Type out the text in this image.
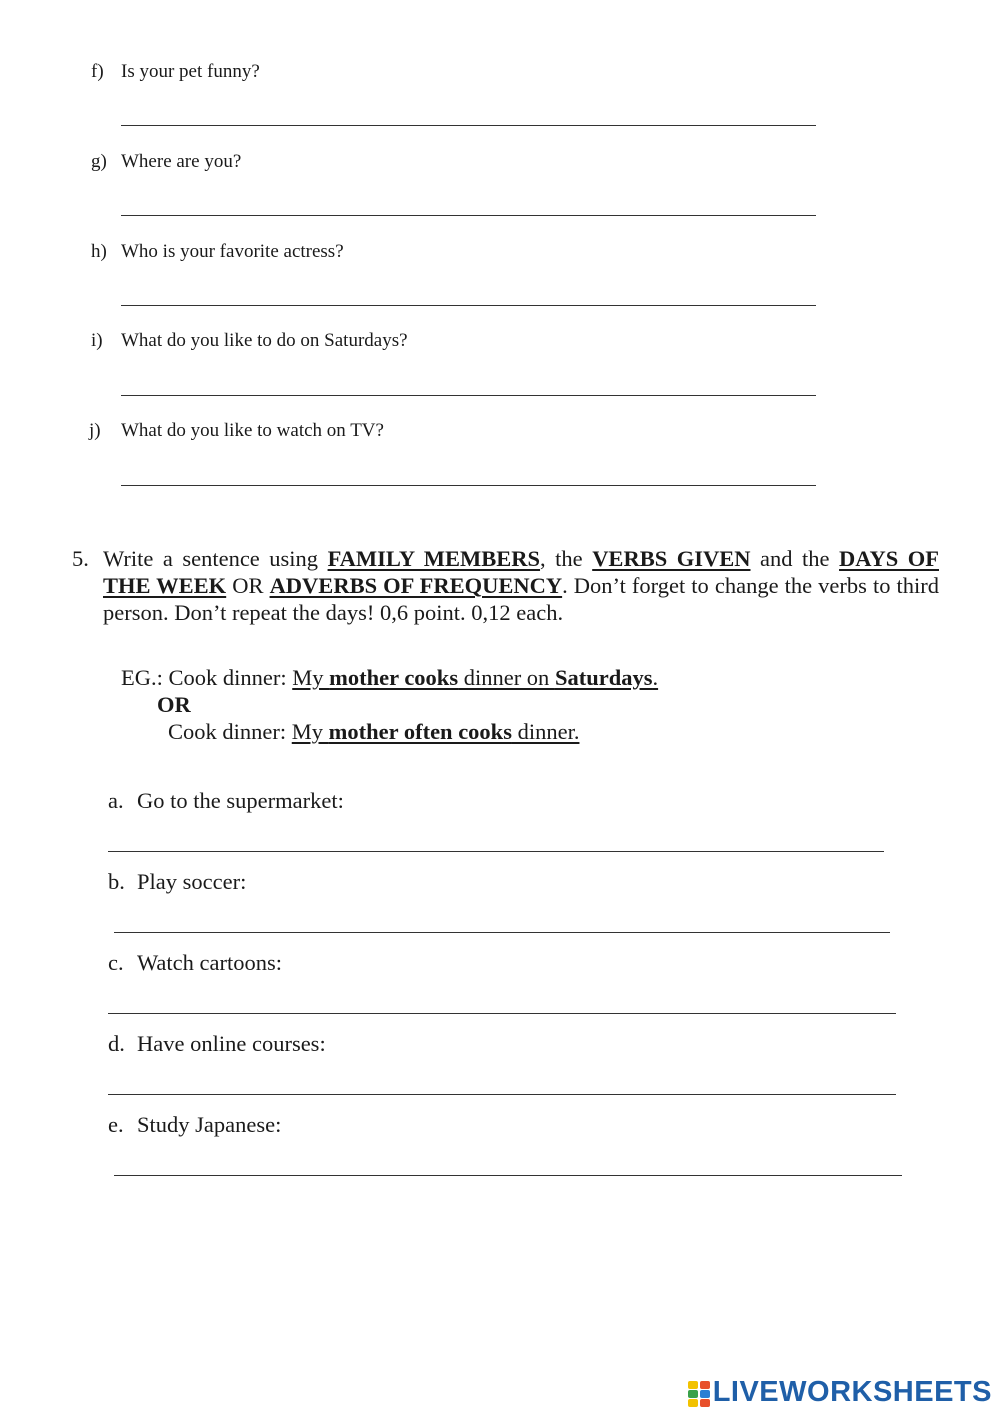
f) Is your pet funny?
g) Where are you?
h) Who is your favorite actress?
i) What do you like to do on Saturdays?
j) What do you like to watch on TV?
5. Write a sentence using FAMILY MEMBERS, the VERBS GIVEN and the DAYS OF THE WEEK OR ADVERBS OF FREQUENCY. Don’t forget to change the verbs to third person. Don’t repeat the days! 0,6 point. 0,12 each.
EG.: Cook dinner: My mother cooks dinner on Saturdays.
OR
Cook dinner: My mother often cooks dinner.
a. Go to the supermarket:
b. Play soccer:
c. Watch cartoons:
d. Have online courses:
e. Study Japanese:
LIVEWORKSHEETS
